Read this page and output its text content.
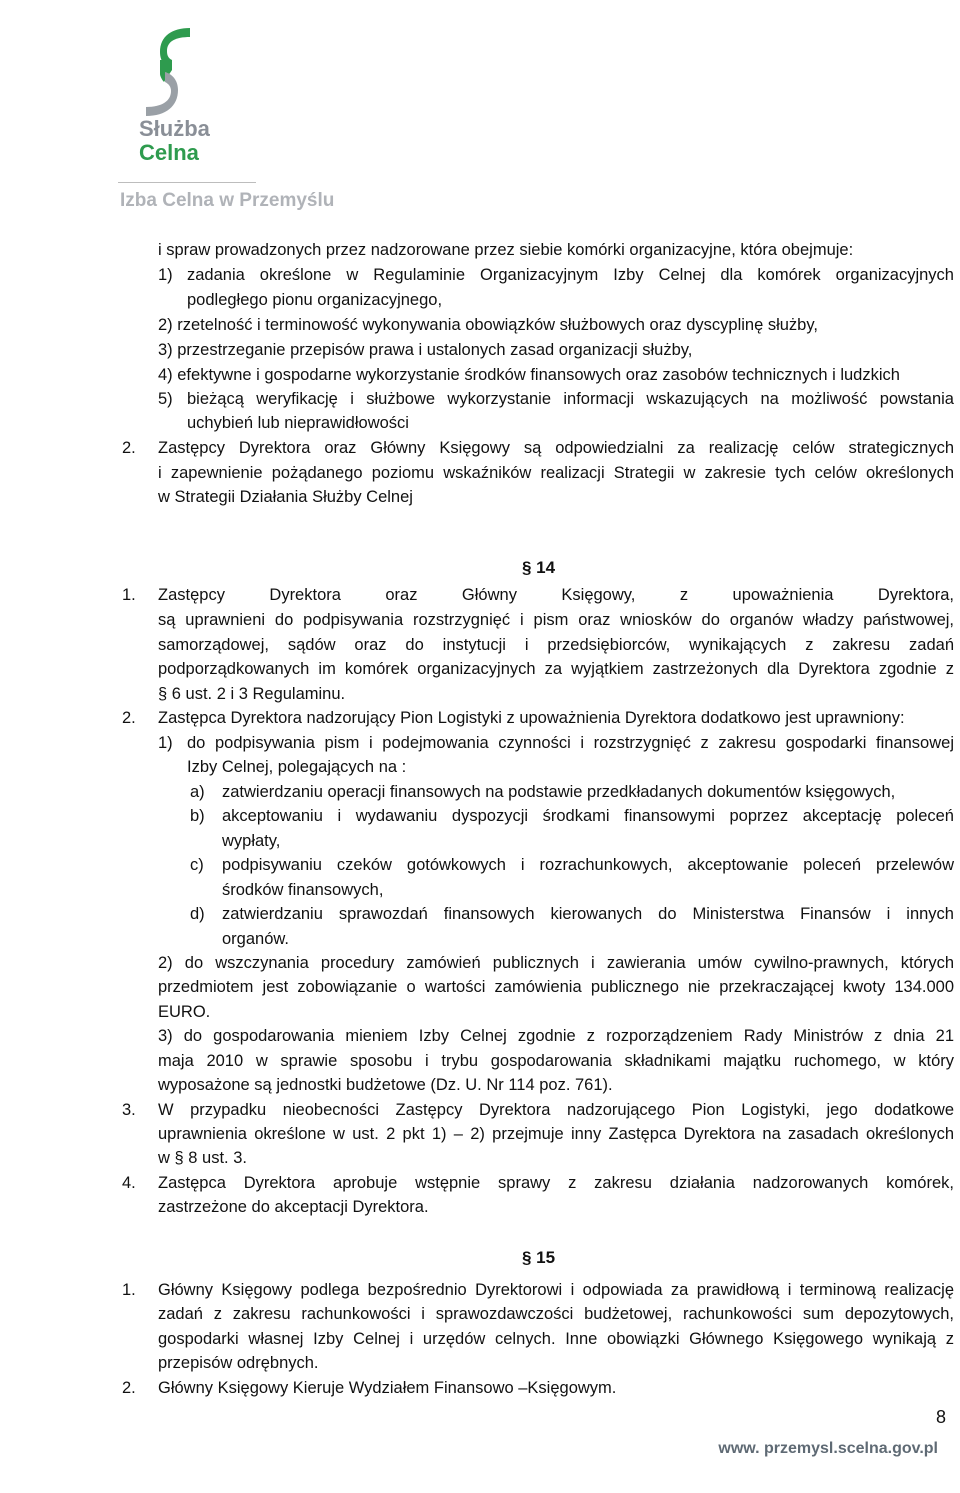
Służba
Celna
Izba Celna w Przemyślu
i spraw prowadzonych przez nadzorowane przez siebie komórki organizacyjne, która obejmuje:
1) zadania określone w Regulaminie Organizacyjnym Izby Celnej dla komórek organizacyjnych
podległego pionu organizacyjnego,
2) rzetelność i terminowość wykonywania obowiązków służbowych oraz dyscyplinę służby,
3) przestrzeganie przepisów prawa i ustalonych zasad organizacji służby,
4) efektywne i gospodarne wykorzystanie środków finansowych oraz zasobów technicznych i ludzkich
5) bieżącą weryfikację i służbowe wykorzystanie informacji wskazujących na możliwość powstania
uchybień lub nieprawidłowości
2. Zastępcy Dyrektora oraz Główny Księgowy są odpowiedzialni za realizację celów strategicznych
i zapewnienie pożądanego poziomu wskaźników realizacji Strategii w zakresie tych celów określonych
w Strategii Działania Służby Celnej
§ 14
1. Zastępcy Dyrektora oraz Główny Księgowy, z upoważnienia Dyrektora,
są uprawnieni do podpisywania rozstrzygnięć i pism oraz wniosków do organów władzy państwowej,
samorządowej, sądów oraz do instytucji i przedsiębiorców, wynikających z zakresu zadań
podporządkowanych im komórek organizacyjnych za wyjątkiem zastrzeżonych dla Dyrektora zgodnie z
§ 6 ust. 2 i 3 Regulaminu.
2. Zastępca Dyrektora nadzorujący Pion Logistyki z upoważnienia Dyrektora dodatkowo jest uprawniony:
1) do podpisywania pism i podejmowania czynności i rozstrzygnięć z zakresu gospodarki finansowej
Izby Celnej, polegających na :
a) zatwierdzaniu operacji finansowych na podstawie przedkładanych dokumentów księgowych,
b) akceptowaniu i wydawaniu dyspozycji środkami finansowymi poprzez akceptację poleceń
wypłaty,
c) podpisywaniu czeków gotówkowych i rozrachunkowych, akceptowanie poleceń przelewów
środków finansowych,
d) zatwierdzaniu sprawozdań finansowych kierowanych do Ministerstwa Finansów i innych
organów.
2) do wszczynania procedury zamówień publicznych i zawierania umów cywilno-prawnych, których
przedmiotem jest zobowiązanie o wartości zamówienia publicznego nie przekraczającej kwoty 134.000
EURO.
3) do gospodarowania mieniem Izby Celnej zgodnie z rozporządzeniem Rady Ministrów z dnia 21
maja 2010 w sprawie sposobu i trybu gospodarowania składnikami majątku ruchomego, w który
wyposażone są jednostki budżetowe (Dz. U. Nr 114 poz. 761).
3. W przypadku nieobecności Zastępcy Dyrektora nadzorującego Pion Logistyki, jego dodatkowe
uprawnienia określone w ust. 2 pkt 1) – 2) przejmuje inny Zastępca Dyrektora na zasadach określonych
w § 8 ust. 3.
4. Zastępca Dyrektora aprobuje wstępnie sprawy z zakresu działania nadzorowanych komórek,
zastrzeżone do akceptacji Dyrektora.
§ 15
1. Główny Księgowy podlega bezpośrednio Dyrektorowi i odpowiada za prawidłową i terminową realizację
zadań z zakresu rachunkowości i sprawozdawczości budżetowej, rachunkowości sum depozytowych,
gospodarki własnej Izby Celnej i urzędów celnych. Inne obowiązki Głównego Księgowego wynikają z
przepisów odrębnych.
2. Główny Księgowy Kieruje Wydziałem Finansowo –Księgowym.
8
www. przemysl.scelna.gov.pl
